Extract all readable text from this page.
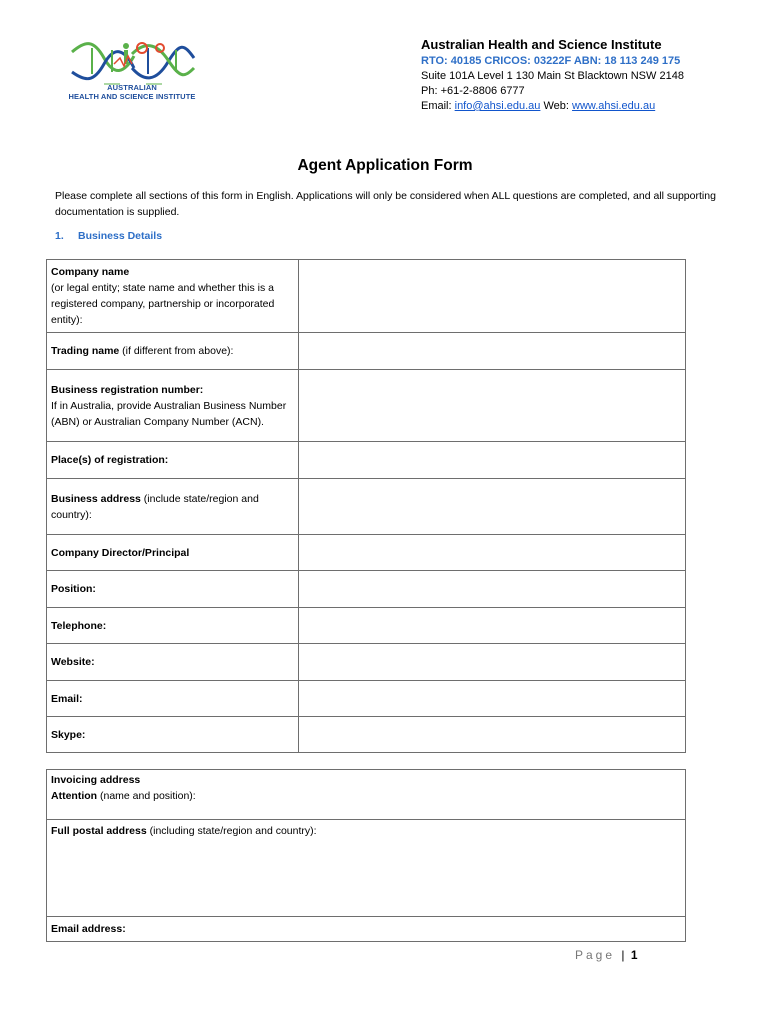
AUSTRALIAN
HEALTH AND SCIENCE INSTITUTE
Australian Health and Science Institute
RTO: 40185 CRICOS: 03222F ABN: 18 113 249 175
Suite 101A Level 1 130 Main St Blacktown NSW 2148
Ph: +61-2-8806 6777
Email: info@ahsi.edu.au Web: www.ahsi.edu.au
Agent Application Form
Please complete all sections of this form in English. Applications will only be considered when ALL questions are completed, and all supporting documentation is supplied.
1. Business Details
Company name
(or legal entity; state name and whether this is a registered company, partnership or incorporated entity):	
Trading name (if different from above):	
Business registration number:
If in Australia, provide Australian Business Number (ABN) or Australian Company Number (ACN).	
Place(s) of registration:	
Business address (include state/region and country):	
Company Director/Principal	
Position:	
Telephone:	
Website:	
Email:	
Skype:	
Invoicing address
Attention (name and position):
Full postal address (including state/region and country):
Email address:
Page | 1
